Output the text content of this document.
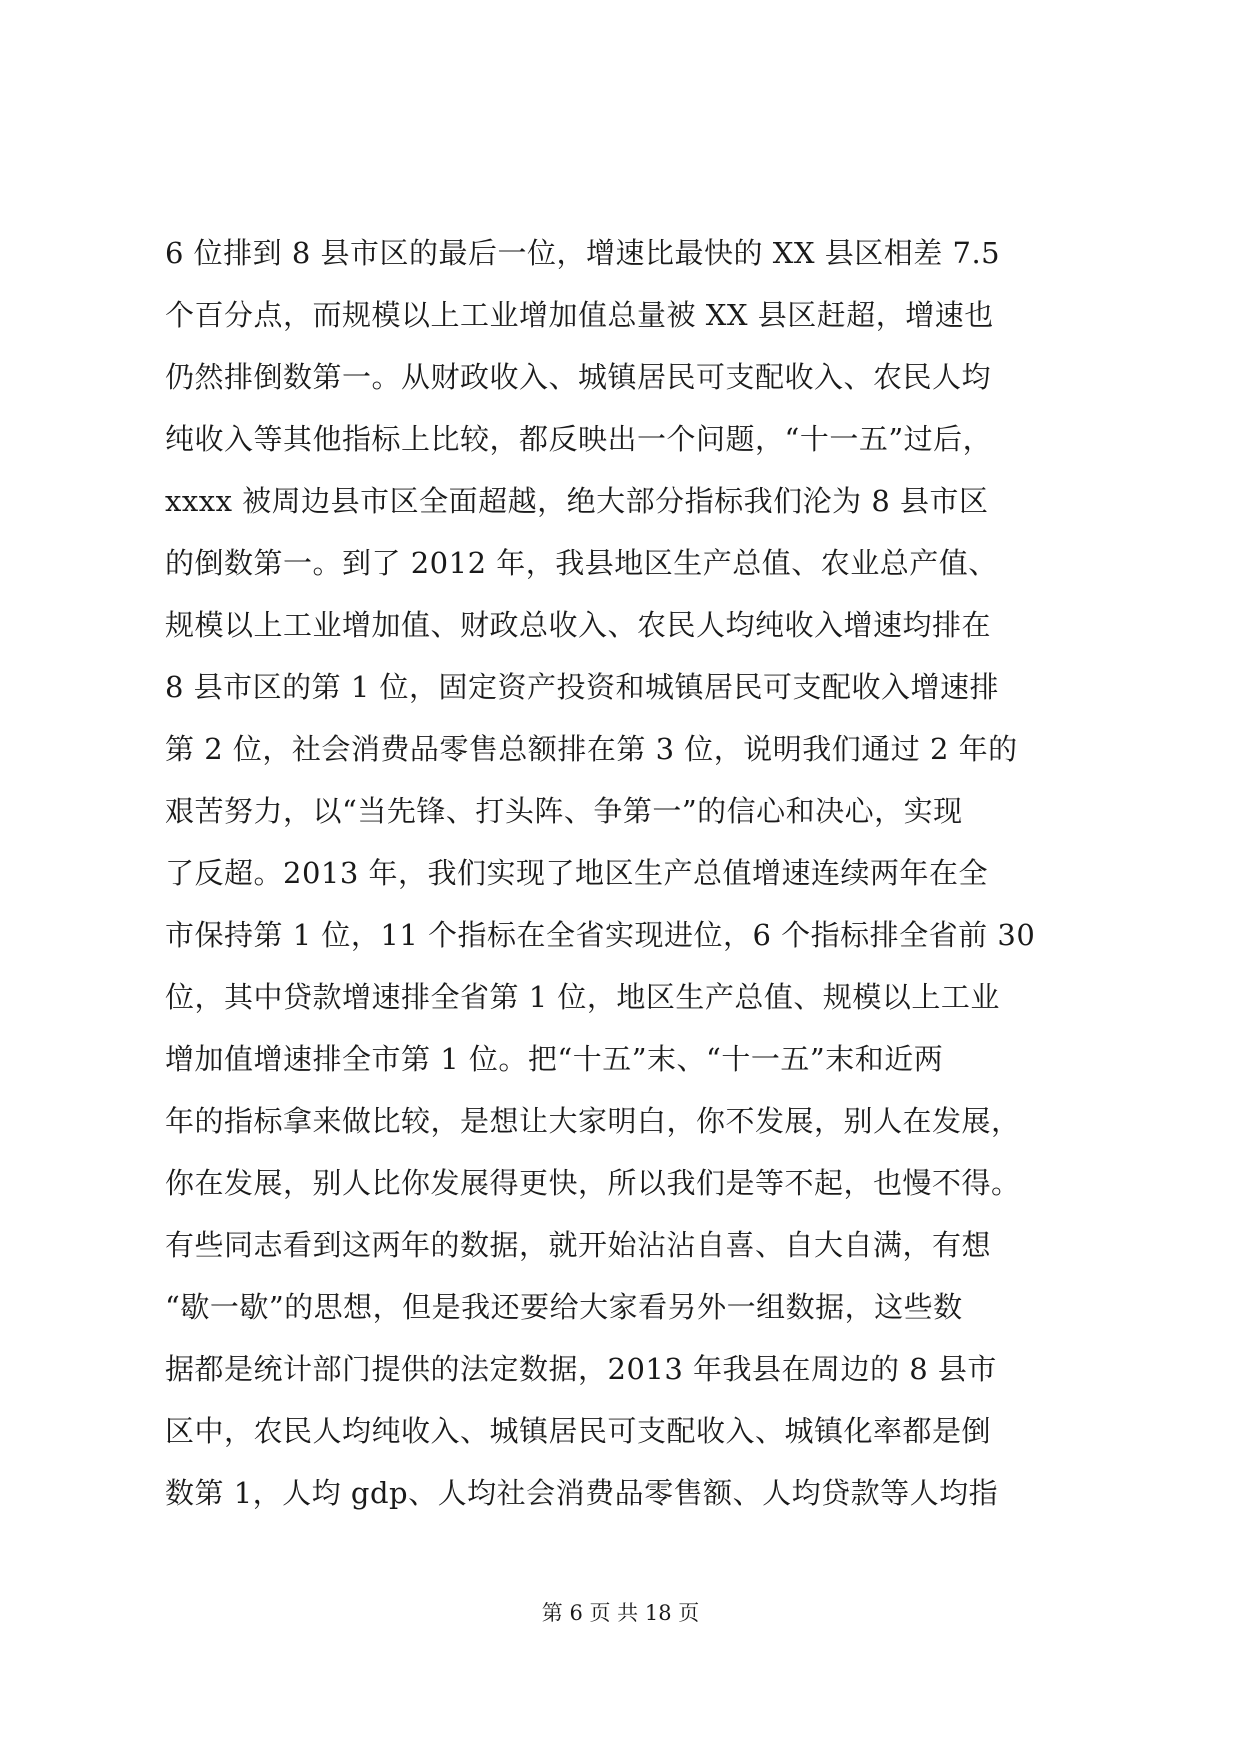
6 位排到 8 县市区的最后一位，增速比最快的 XX 县区相差 7.5
个百分点，而规模以上工业增加值总量被 XX 县区赶超，增速也
仍然排倒数第一。从财政收入、城镇居民可支配收入、农民人均
纯收入等其他指标上比较，都反映出一个问题，“十一五”过后，
xxxx 被周边县市区全面超越，绝大部分指标我们沦为 8 县市区
的倒数第一。到了 2012 年，我县地区生产总值、农业总产值、
规模以上工业增加值、财政总收入、农民人均纯收入增速均排在
8 县市区的第 1 位，固定资产投资和城镇居民可支配收入增速排
第 2 位，社会消费品零售总额排在第 3 位，说明我们通过 2 年的
艰苦努力，以“当先锋、打头阵、争第一”的信心和决心，实现
了反超。2013 年，我们实现了地区生产总值增速连续两年在全
市保持第 1 位，11 个指标在全省实现进位，6 个指标排全省前 30
位，其中贷款增速排全省第 1 位，地区生产总值、规模以上工业
增加值增速排全市第 1 位。把“十五”末、“十一五”末和近两
年的指标拿来做比较，是想让大家明白，你不发展，别人在发展，
你在发展，别人比你发展得更快，所以我们是等不起，也慢不得。
有些同志看到这两年的数据，就开始沾沾自喜、自大自满，有想
“歇一歇”的思想，但是我还要给大家看另外一组数据，这些数
据都是统计部门提供的法定数据，2013 年我县在周边的 8 县市
区中，农民人均纯收入、城镇居民可支配收入、城镇化率都是倒
数第 1，人均 gdp、人均社会消费品零售额、人均贷款等人均指
第 6 页 共 18 页
